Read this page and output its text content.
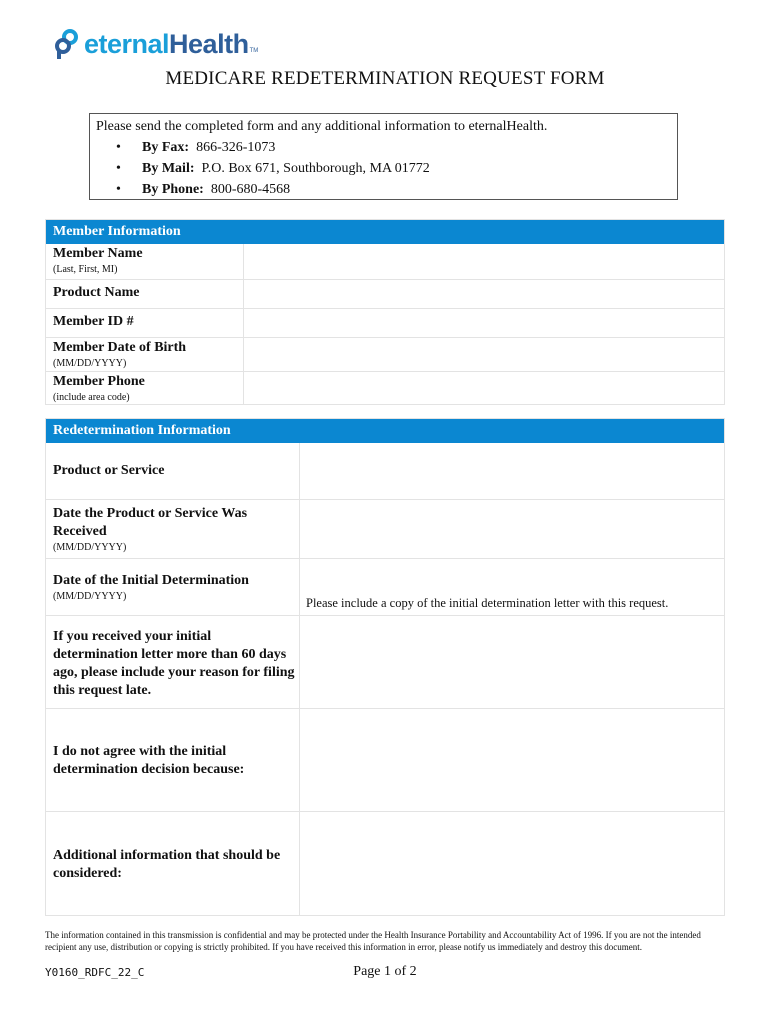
eternalHealth TM
MEDICARE REDETERMINATION REQUEST FORM
Please send the completed form and any additional information to eternalHealth.
• By Fax: 866-326-1073
• By Mail: P.O. Box 671, Southborough, MA 01772
• By Phone: 800-680-4568
Member Information
Member Name
(Last, First, MI)
Product Name
Member ID #
Member Date of Birth
(MM/DD/YYYY)
Member Phone
(include area code)
Redetermination Information
Product or Service
Date the Product or Service Was Received
(MM/DD/YYYY)
Date of the Initial Determination
(MM/DD/YYYY)	Please include a copy of the initial determination letter with this request.
If you received your initial determination letter more than 60 days ago, please include your reason for filing this request late.
I do not agree with the initial determination decision because:
Additional information that should be considered:
The information contained in this transmission is confidential and may be protected under the Health Insurance Portability and Accountability Act of 1996. If you are not the intended recipient any use, distribution or copying is strictly prohibited. If you have received this information in error, please notify us immediately and destroy this document.
Y0160_RDFC_22_C	Page 1 of 2
